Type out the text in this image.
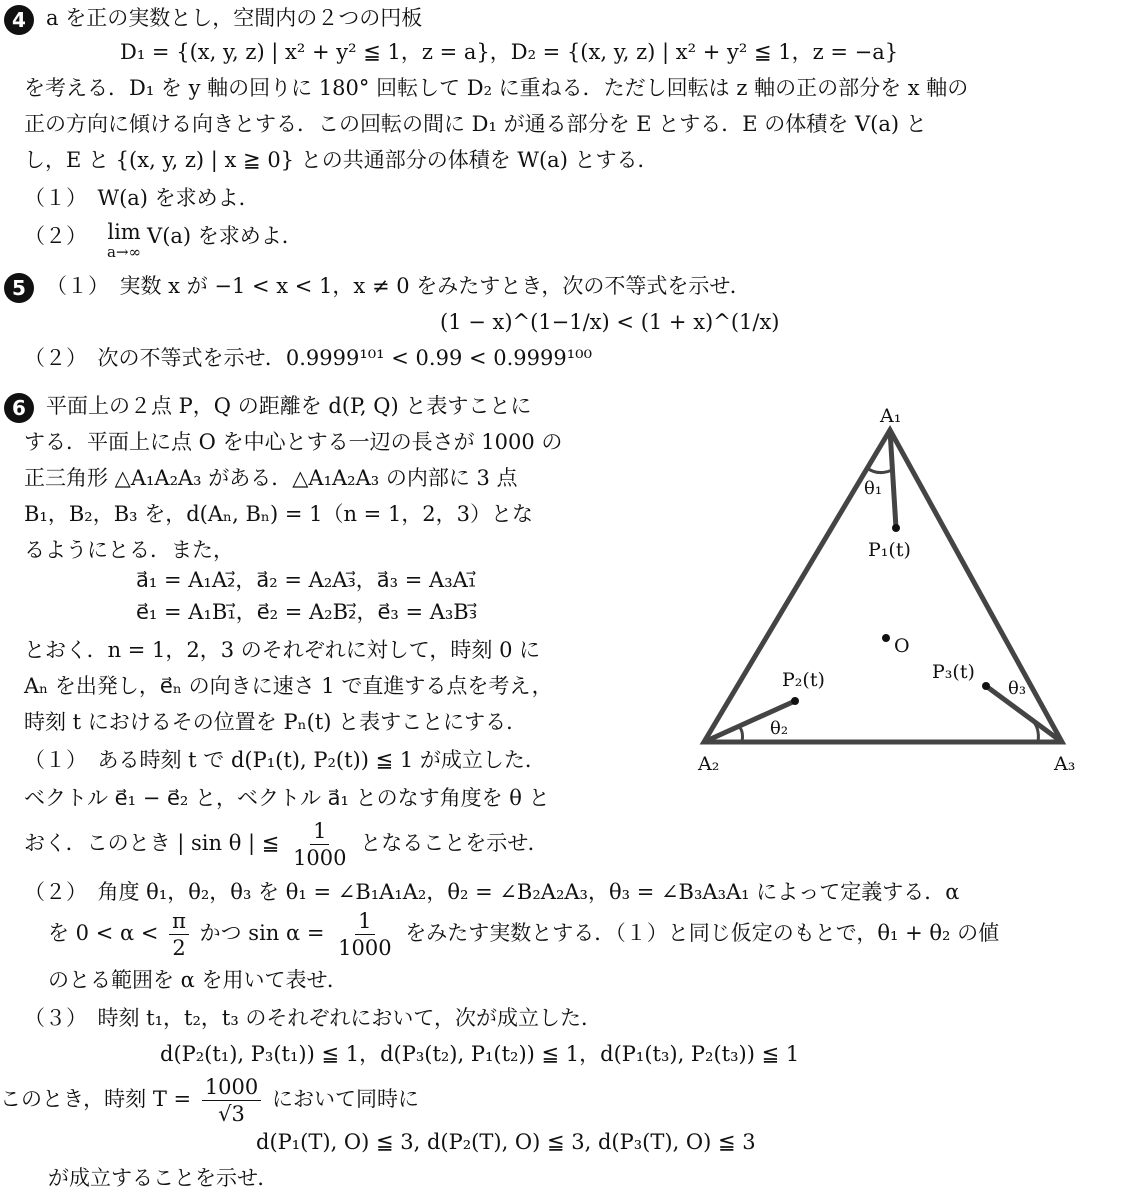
4 a を正の実数とし，空間内の２つの円板
D₁ = {(x, y, z) | x² + y² ≦ 1，z = a}，D₂ = {(x, y, z) | x² + y² ≦ 1，z = −a}
を考える．D₁ を y 軸の回りに 180° 回転して D₂ に重ねる．ただし回転は z 軸の正の部分を x 軸の
正の方向に傾ける向きとする．この回転の間に D₁ が通る部分を E とする．E の体積を V(a) と
し，E と {(x, y, z) | x ≧ 0} との共通部分の体積を W(a) とする．
（１）　W(a) を求めよ．
（２） lim
a→∞
V(a) を求めよ．
5 （１）　実数 x が −1 < x < 1，x ≠ 0 をみたすとき，次の不等式を示せ．
(1 − x)^(1−1/x) < (1 + x)^(1/x)
（２）　次の不等式を示せ．0.9999¹⁰¹ < 0.99 < 0.9999¹⁰⁰
6 平面上の２点 P，Q の距離を d(P, Q) と表すことに
する．平面上に点 O を中心とする一辺の長さが 1000 の
正三角形 △A₁A₂A₃ がある．△A₁A₂A₃ の内部に 3 点
B₁，B₂，B₃ を，d(Aₙ, Bₙ) = 1（n = 1，2，3）とな
るようにとる．また，
a⃗₁ = A₁A₂⃗，a⃗₂ = A₂A₃⃗，a⃗₃ = A₃A₁⃗
e⃗₁ = A₁B₁⃗，e⃗₂ = A₂B₂⃗，e⃗₃ = A₃B₃⃗
とおく．n = 1，2，3 のそれぞれに対して，時刻 0 に
Aₙ を出発し，e⃗ₙ の向きに速さ 1 で直進する点を考え，
時刻 t におけるその位置を Pₙ(t) と表すことにする．
（１）　ある時刻 t で d(P₁(t), P₂(t)) ≦ 1 が成立した．
ベクトル e⃗₁ − e⃗₂ と，ベクトル a⃗₁ とのなす角度を θ と
おく．このとき | sin θ | ≦ $\frac{1}{1000}$ となることを示せ．
（２）　角度 θ₁，θ₂，θ₃ を θ₁ = ∠B₁A₁A₂，θ₂ = ∠B₂A₂A₃，θ₃ = ∠B₃A₃A₁ によって定義する．α
を $0 < \alpha < \frac{\pi}{2}$ かつ $\sin \alpha = \frac{1}{1000}$ をみたす実数とする．（１）と同じ仮定のもとで，θ₁ + θ₂ の値
のとる範囲を α を用いて表せ．
（３）　時刻 t₁，t₂，t₃ のそれぞれにおいて，次が成立した．
d(P₂(t₁), P₃(t₁)) ≦ 1，d(P₃(t₂), P₁(t₂)) ≦ 1，d(P₁(t₃), P₂(t₃)) ≦ 1
このとき，時刻 $T = \frac{1000}{√3}$ において同時に
d(P₁(T), O) ≦ 3, d(P₂(T), O) ≦ 3, d(P₃(T), O) ≦ 3
が成立することを示せ．
A₁
A₂	A₃
O
P₁(t)
P₂(t)	P₃(t)
θ₁
θ₂
θ₃
